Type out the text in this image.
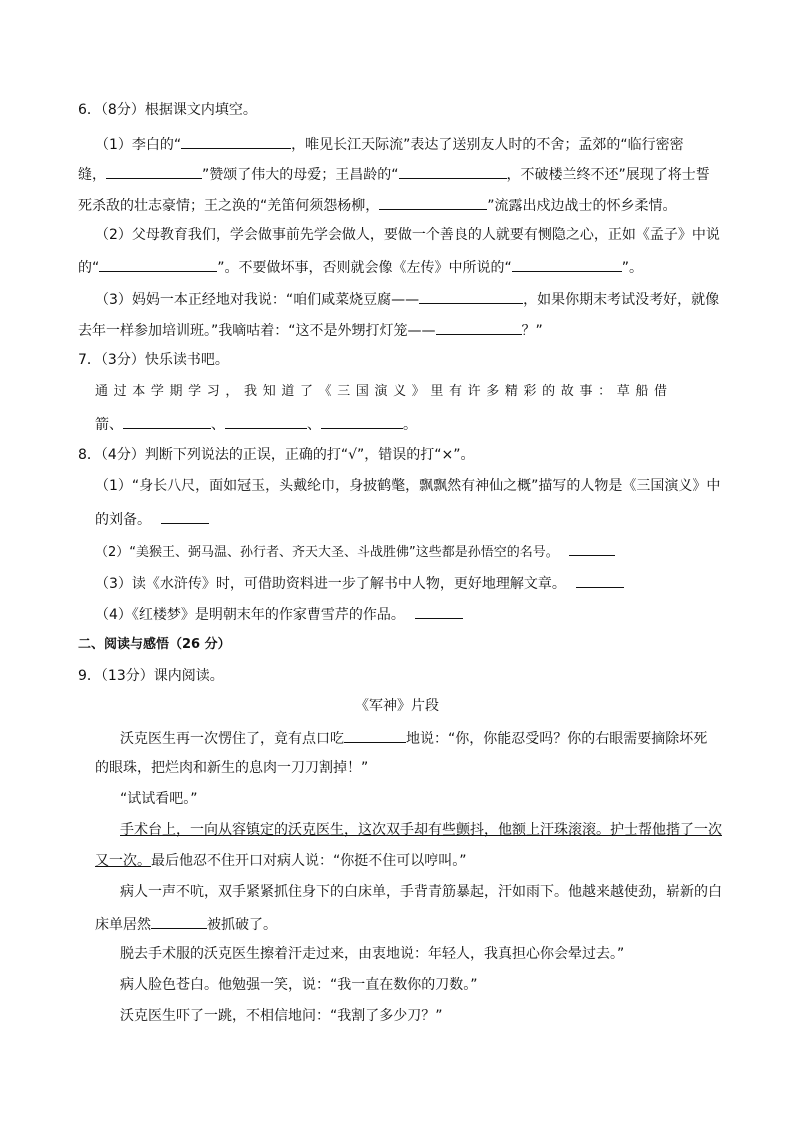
6．（8分）根据课文内填空。
（1）李白的“	，唯见长江天际流”表达了送别友人时的不舍；孟郊的“临行密密
缝，	”赞颂了伟大的母爱；王昌龄的“	，不破楼兰终不还”展现了将士誓
死杀敌的壮志豪情；王之涣的“羌笛何须怨杨柳，	”流露出戍边战士的怀乡柔情。
（2）父母教育我们，学会做事前先学会做人，要做一个善良的人就要有恻隐之心，正如《孟子》中说
的“	”。不要做坏事，否则就会像《左传》中所说的“	”。
（3）妈妈一本正经地对我说：“咱们咸菜烧豆腐——	，如果你期末考试没考好，就像
去年一样参加培训班。”我嘀咕着：“这不是外甥打灯笼——	？”
7．（3分）快乐读书吧。
通 过 本 学 期 学 习 ， 我 知 道 了 《 三 国 演 义 》 里 有 许 多 精 彩 的 故 事 ： 草 船 借
箭、	、	、	。
8．（4分）判断下列说法的正误，正确的打“√”，错误的打“×”。
（1）“身长八尺，面如冠玉，头戴纶巾，身披鹤氅，飘飘然有神仙之概”描写的人物是《三国演义》中
的刘备。
（2）“美猴王、弼马温、孙行者、齐天大圣、斗战胜佛”这些都是孙悟空的名号。
（3）读《水浒传》时，可借助资料进一步了解书中人物，更好地理解文章。
（4）《红楼梦》是明朝末年的作家曹雪芹的作品。
二、阅读与感悟（26 分）
9．（13分）课内阅读。
《军神》片段
沃克医生再一次愣住了，竟有点口吃	地说：“你，你能忍受吗？你的右眼需要摘除坏死
的眼珠，把烂肉和新生的息肉一刀刀割掉！”
“试试看吧。”
手术台上，一向从容镇定的沃克医生，这次双手却有些颤抖，他额上汗珠滚滚。护士帮他揩了一次
又一次。最后他忍不住开口对病人说：“你挺不住可以哼叫。”
病人一声不吭，双手紧紧抓住身下的白床单，手背青筋暴起，汗如雨下。他越来越使劲，崭新的白
床单居然	被抓破了。
脱去手术服的沃克医生擦着汗走过来，由衷地说：年轻人，我真担心你会晕过去。”
病人脸色苍白。他勉强一笑，说：“我一直在数你的刀数。”
沃克医生吓了一跳，不相信地问：“我割了多少刀？”
